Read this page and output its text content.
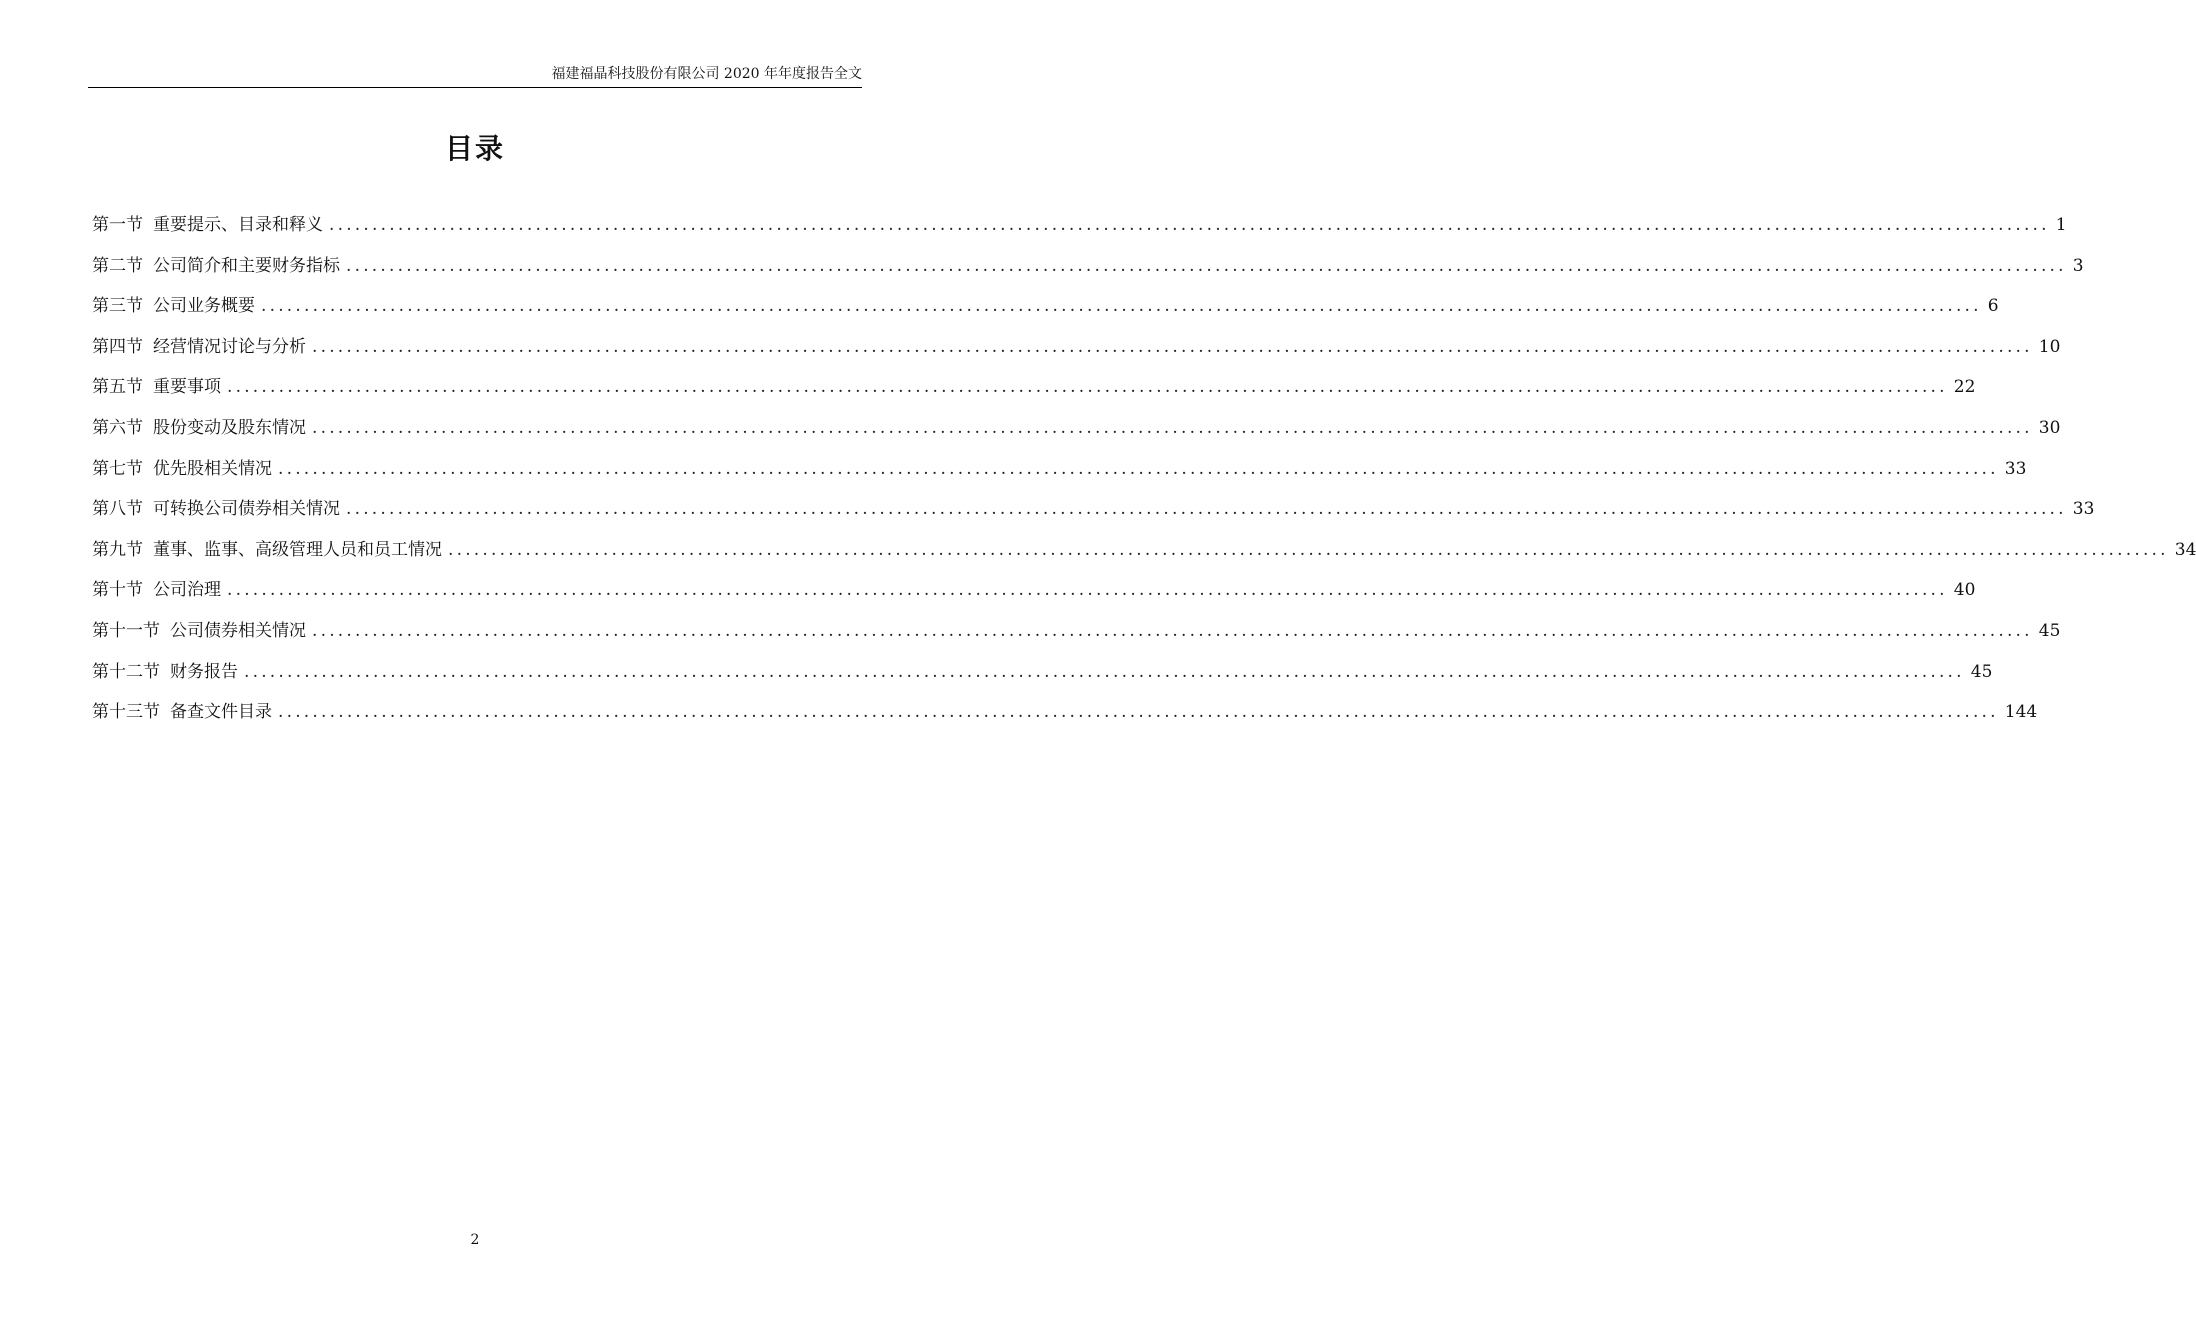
福建福晶科技股份有限公司 2020 年年度报告全文
目录
第一节 重要提示、目录和释义 ........................................................................................................................................................................................................ 1
第二节 公司简介和主要财务指标 ........................................................................................................................................................................................................ 3
第三节 公司业务概要 ........................................................................................................................................................................................................ 6
第四节 经营情况讨论与分析 ........................................................................................................................................................................................................ 10
第五节 重要事项 ........................................................................................................................................................................................................ 22
第六节 股份变动及股东情况 ........................................................................................................................................................................................................ 30
第七节 优先股相关情况 ........................................................................................................................................................................................................ 33
第八节 可转换公司债券相关情况 ........................................................................................................................................................................................................ 33
第九节 董事、监事、高级管理人员和员工情况 ........................................................................................................................................................................................................ 34
第十节 公司治理 ........................................................................................................................................................................................................ 40
第十一节 公司债券相关情况 ........................................................................................................................................................................................................ 45
第十二节 财务报告 ........................................................................................................................................................................................................ 45
第十三节 备查文件目录 ........................................................................................................................................................................................................ 144
2
